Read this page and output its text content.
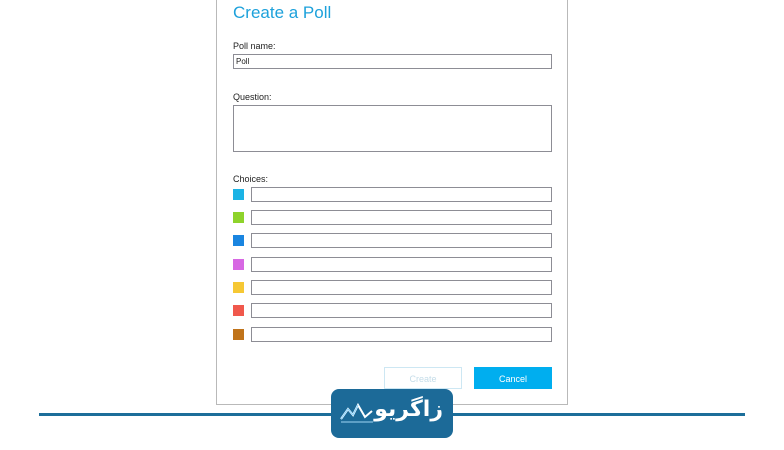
Create a Poll
Poll name:
Poll
Question:
Choices:
Create	Cancel
زاگریو
